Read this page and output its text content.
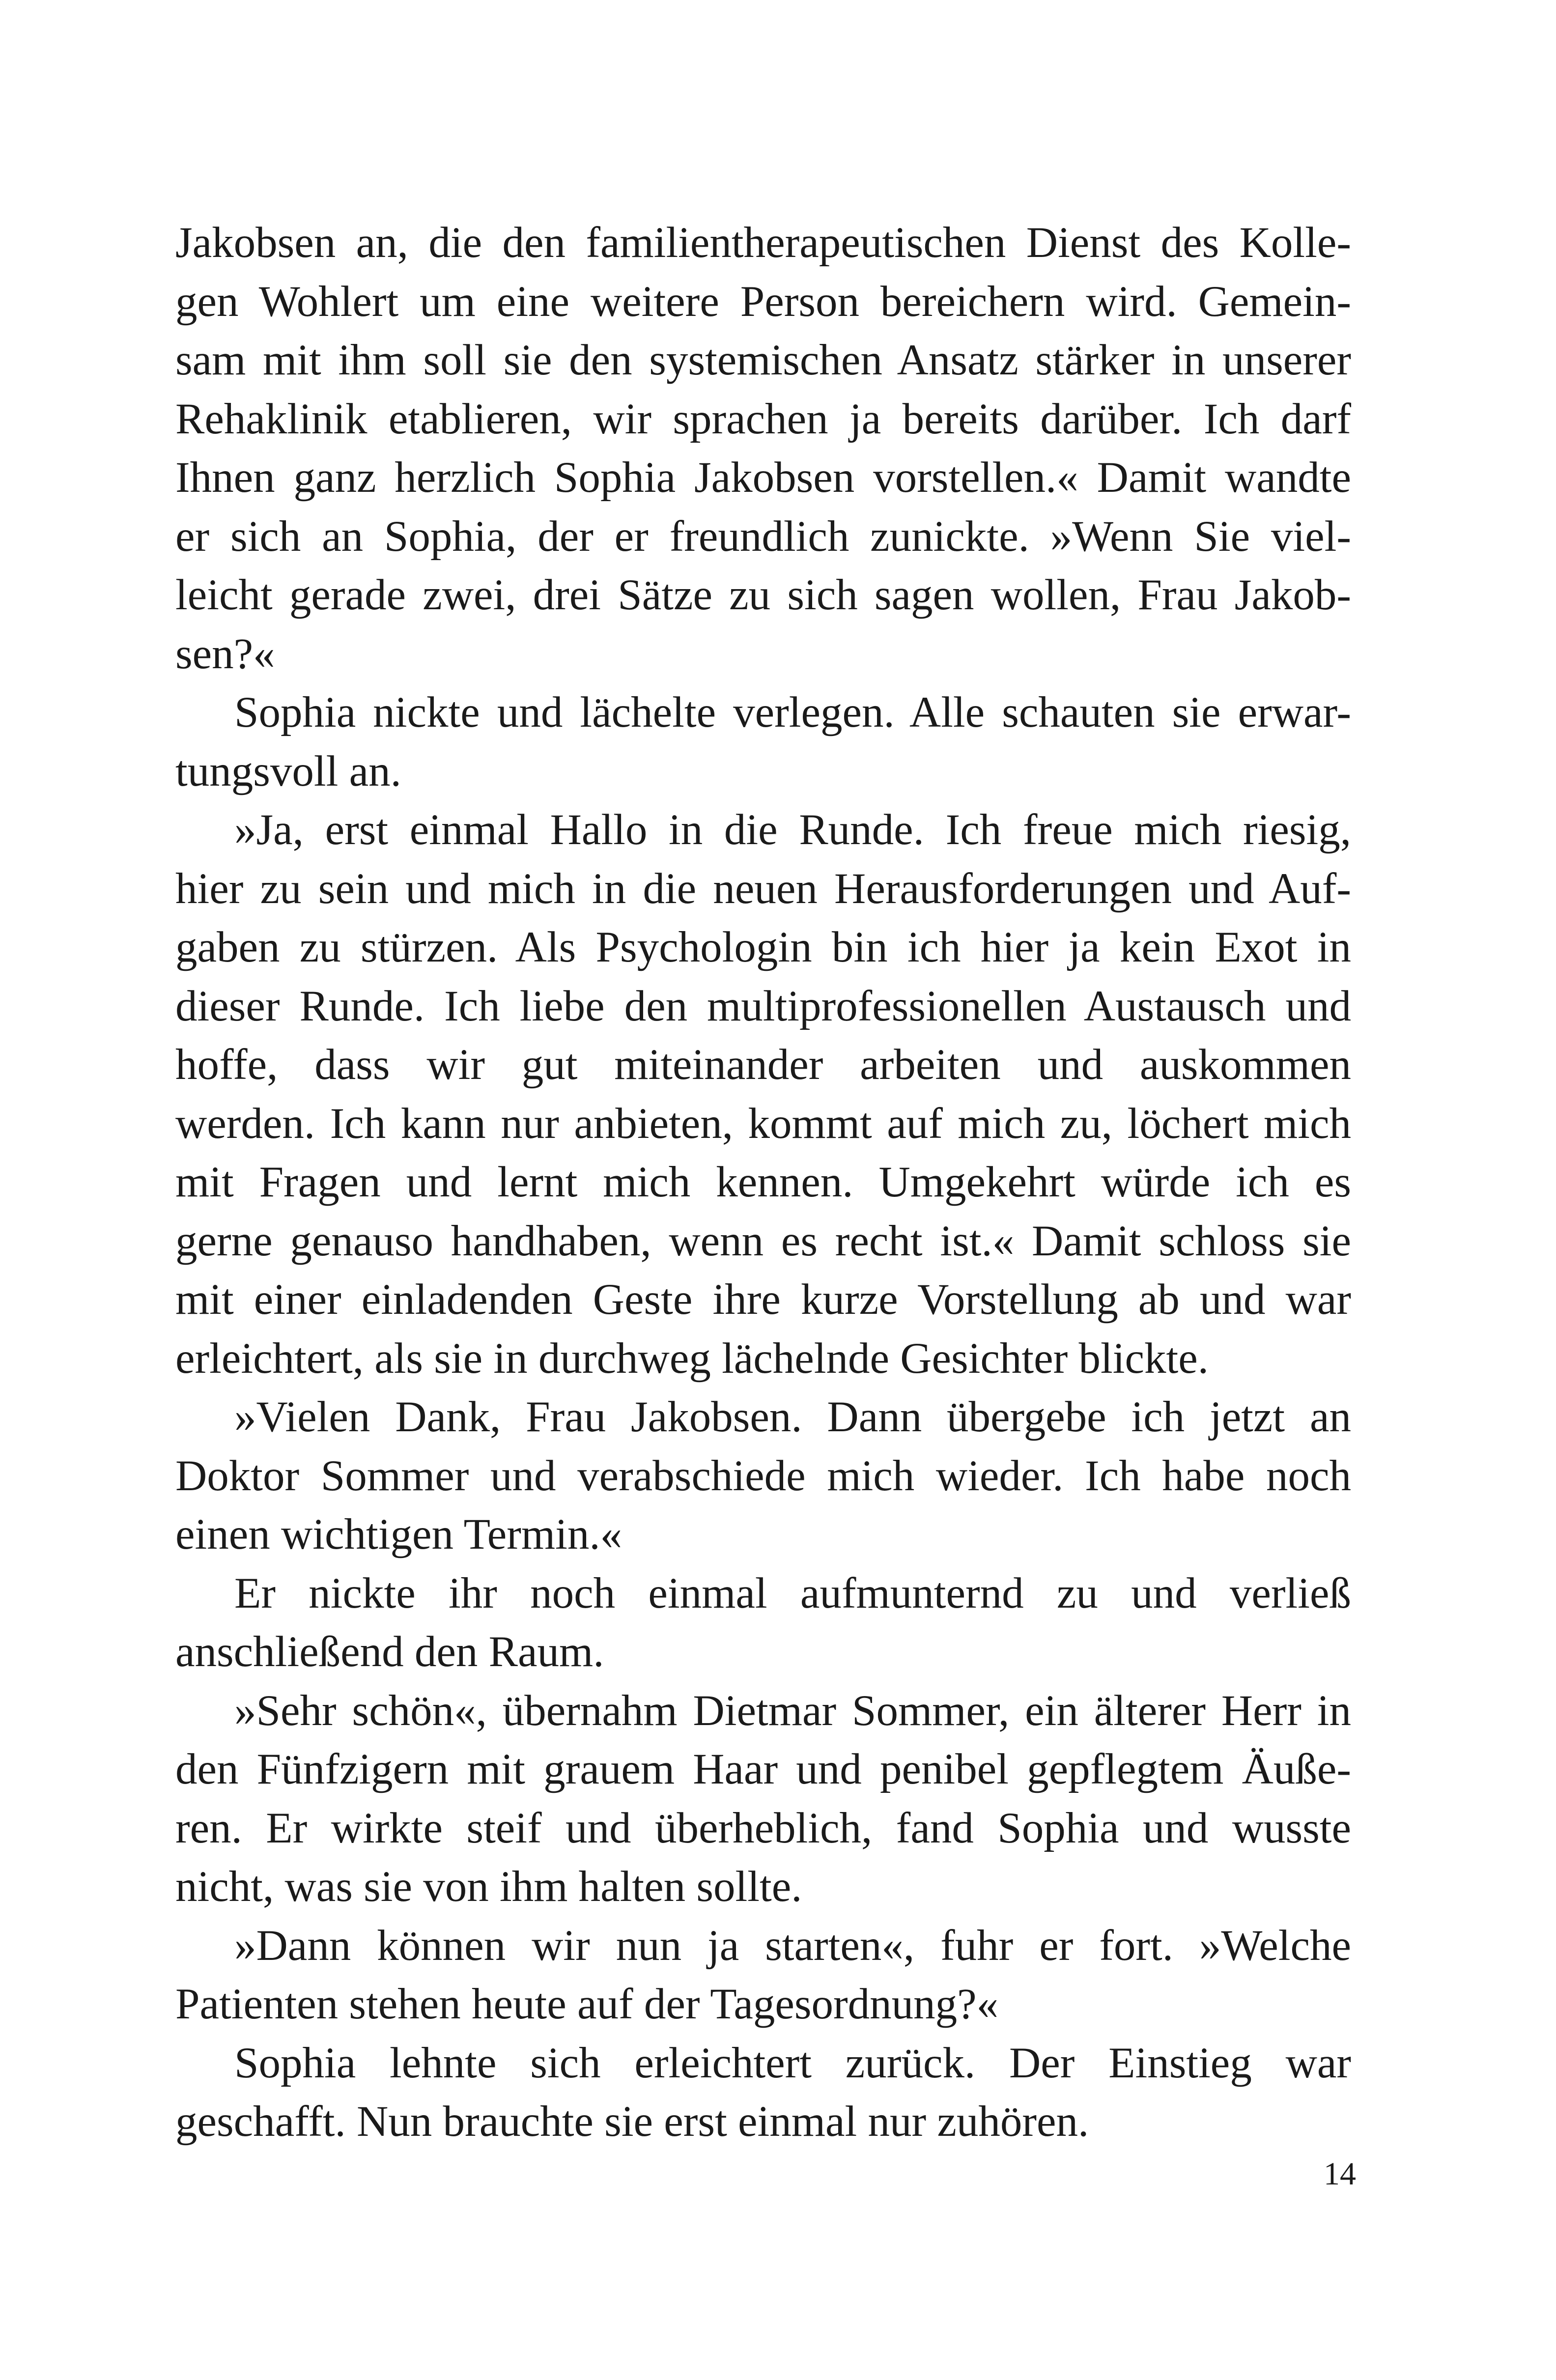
Jakobsen an, die den familientherapeutischen Dienst des Kolle-
gen Wohlert um eine weitere Person bereichern wird. Gemein-
sam mit ihm soll sie den systemischen Ansatz stärker in unserer
Rehaklinik etablieren, wir sprachen ja bereits darüber. Ich darf
Ihnen ganz herzlich Sophia Jakobsen vorstellen.« Damit wandte
er sich an Sophia, der er freundlich zunickte. »Wenn Sie viel-
leicht gerade zwei, drei Sätze zu sich sagen wollen, Frau Jakob-
sen?«
Sophia nickte und lächelte verlegen. Alle schauten sie erwar-
tungsvoll an.
»Ja, erst einmal Hallo in die Runde. Ich freue mich riesig,
hier zu sein und mich in die neuen Herausforderungen und Auf-
gaben zu stürzen. Als Psychologin bin ich hier ja kein Exot in
dieser Runde. Ich liebe den multiprofessionellen Austausch und
hoffe, dass wir gut miteinander arbeiten und auskommen
werden. Ich kann nur anbieten, kommt auf mich zu, löchert mich
mit Fragen und lernt mich kennen. Umgekehrt würde ich es
gerne genauso handhaben, wenn es recht ist.« Damit schloss sie
mit einer einladenden Geste ihre kurze Vorstellung ab und war
erleichtert, als sie in durchweg lächelnde Gesichter blickte.
»Vielen Dank, Frau Jakobsen. Dann übergebe ich jetzt an
Doktor Sommer und verabschiede mich wieder. Ich habe noch
einen wichtigen Termin.«
Er nickte ihr noch einmal aufmunternd zu und verließ
anschließend den Raum.
»Sehr schön«, übernahm Dietmar Sommer, ein älterer Herr in
den Fünfzigern mit grauem Haar und penibel gepflegtem Äuße-
ren. Er wirkte steif und überheblich, fand Sophia und wusste
nicht, was sie von ihm halten sollte.
»Dann können wir nun ja starten«, fuhr er fort. »Welche
Patienten stehen heute auf der Tagesordnung?«
Sophia lehnte sich erleichtert zurück. Der Einstieg war
geschafft. Nun brauchte sie erst einmal nur zuhören.
14
